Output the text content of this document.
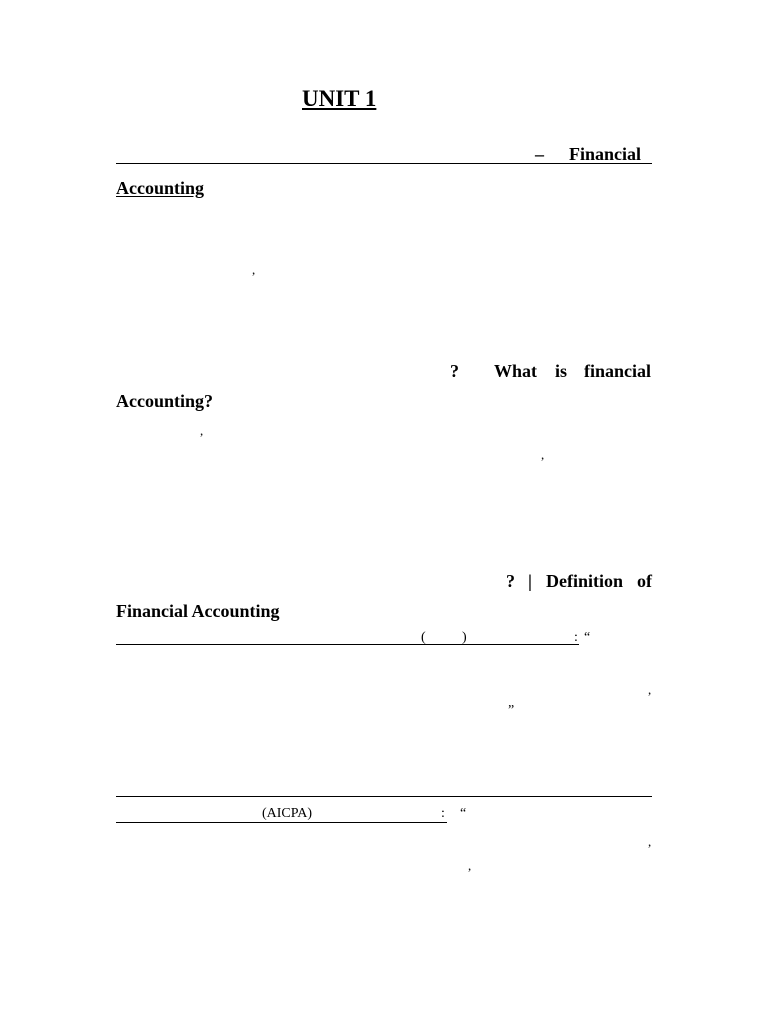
UNIT 1
– Financial
Accounting
,
? What is financial
Accounting?
,
,
? | Definition of
Financial Accounting
(	)	: “
,
”
(AICPA)	: “
,
,
